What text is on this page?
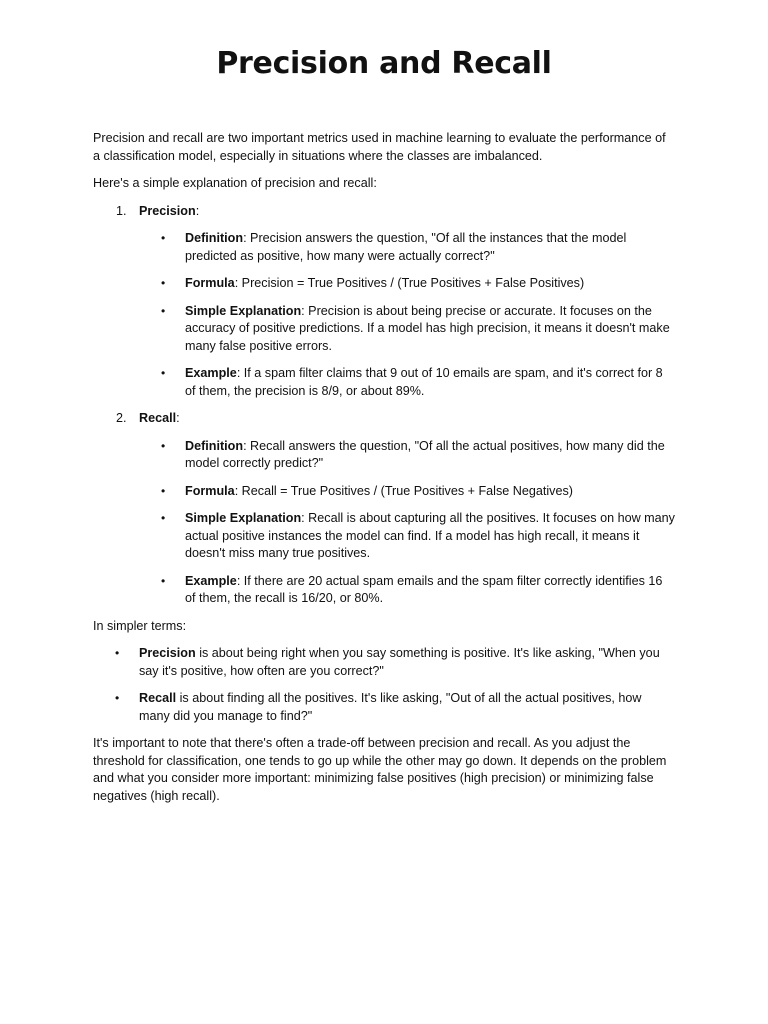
Precision and Recall

Precision and recall are two important metrics used in machine learning to evaluate the performance of a classification model, especially in situations where the classes are imbalanced.

Here's a simple explanation of precision and recall:

1. Precision:
• Definition: Precision answers the question, "Of all the instances that the model predicted as positive, how many were actually correct?"
• Formula: Precision = True Positives / (True Positives + False Positives)
• Simple Explanation: Precision is about being precise or accurate. It focuses on the accuracy of positive predictions. If a model has high precision, it means it doesn't make many false positive errors.
• Example: If a spam filter claims that 9 out of 10 emails are spam, and it's correct for 8 of them, the precision is 8/9, or about 89%.
2. Recall:
• Definition: Recall answers the question, "Of all the actual positives, how many did the model correctly predict?"
• Formula: Recall = True Positives / (True Positives + False Negatives)
• Simple Explanation: Recall is about capturing all the positives. It focuses on how many actual positive instances the model can find. If a model has high recall, it means it doesn't miss many true positives.
• Example: If there are 20 actual spam emails and the spam filter correctly identifies 16 of them, the recall is 16/20, or 80%.

In simpler terms:

• Precision is about being right when you say something is positive. It's like asking, "When you say it's positive, how often are you correct?"
• Recall is about finding all the positives. It's like asking, "Out of all the actual positives, how many did you manage to find?"

It's important to note that there's often a trade-off between precision and recall. As you adjust the threshold for classification, one tends to go up while the other may go down. It depends on the problem and what you consider more important: minimizing false positives (high precision) or minimizing false negatives (high recall).
